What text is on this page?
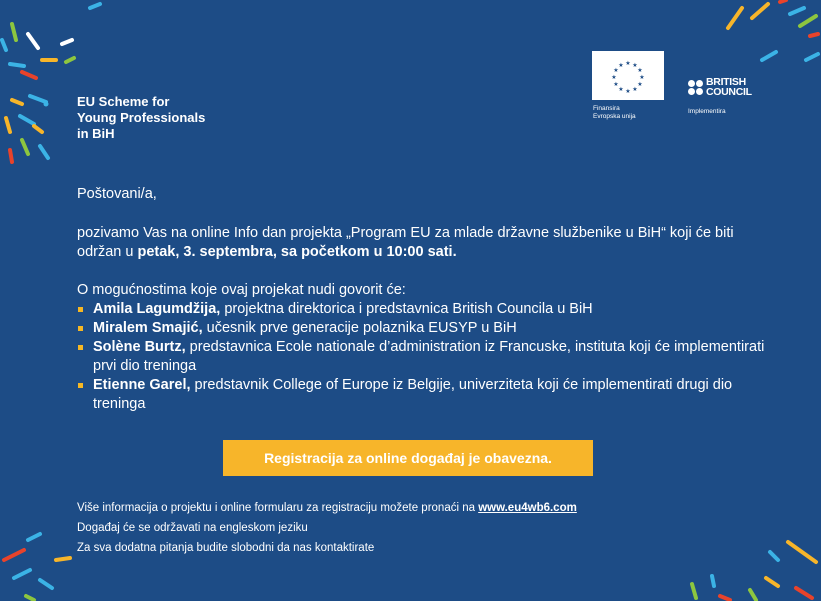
EU Scheme for
Young Professionals
in BiH
★ ★
★
★
★
★
★
★
★
★
★
★
Finansira
Evropska unija
BRITISH
COUNCIL
Implementira
Poštovani/a,
pozivamo Vas na online Info dan projekta „Program EU za mlade državne službenike u BiH“ koji će biti održan u petak, 3. septembra, sa početkom u 10:00 sati.
O mogućnostima koje ovaj projekat nudi govorit će:
Amila Lagumdžija, projektna direktorica i predstavnica British Councila u BiH
Miralem Smajić, učesnik prve generacije polaznika EUSYP u BiH
Solène Burtz, predstavnica Ecole nationale d’administration iz Francuske, instituta koji će implementirati prvi dio treninga
Etienne Garel, predstavnik College of Europe iz Belgije, univerziteta koji će implementirati drugi dio treninga
Registracija za online događaj je obavezna.
Više informacija o projektu i online formularu za registraciju možete pronaći na www.eu4wb6.com
Događaj će se održavati na engleskom jeziku
Za sva dodatna pitanja budite slobodni da nas kontaktirate
